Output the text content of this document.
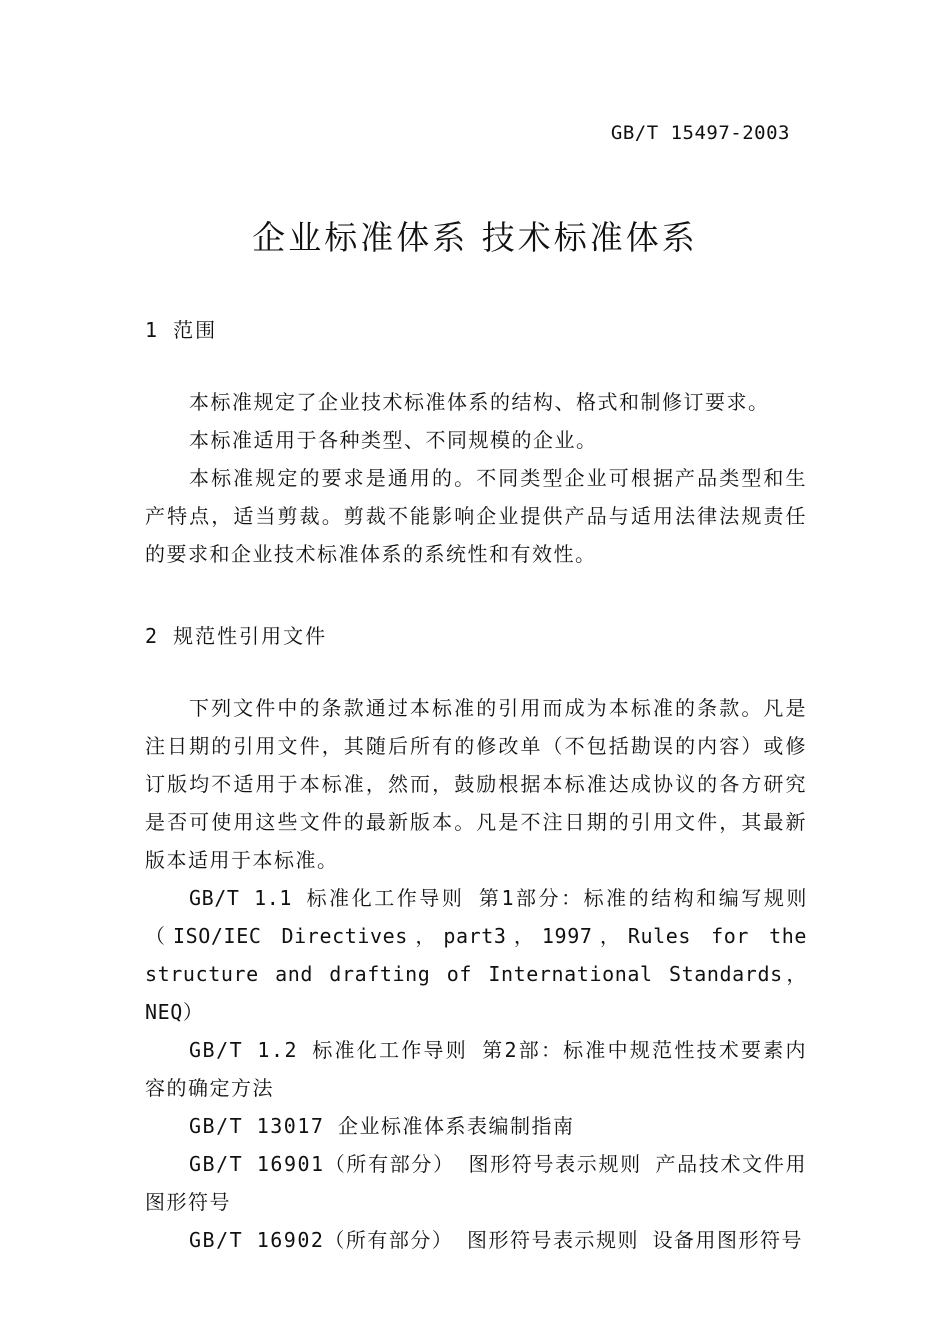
GB/T 15497-2003
企业标准体系 技术标准体系
1 范围

本标准规定了企业技术标准体系的结构、格式和制修订要求。

本标准适用于各种类型、不同规模的企业。

本标准规定的要求是通用的。不同类型企业可根据产品类型和生产特点，适当剪裁。剪裁不能影响企业提供产品与适用法律法规责任的要求和企业技术标准体系的系统性和有效性。

2 规范性引用文件

下列文件中的条款通过本标准的引用而成为本标准的条款。凡是注日期的引用文件，其随后所有的修改单（不包括勘误的内容）或修订版均不适用于本标准，然而，鼓励根据本标准达成协议的各方研究是否可使用这些文件的最新版本。凡是不注日期的引用文件，其最新版本适用于本标准。

GB/T 1.1 标准化工作导则 第1部分：标准的结构和编写规则（ISO/IEC Directives，part3，1997，Rules for the structure and drafting of International Standards，NEQ）

GB/T 1.2 标准化工作导则 第2部：标准中规范性技术要素内容的确定方法

GB/T 13017 企业标准体系表编制指南

GB/T 16901（所有部分） 图形符号表示规则 产品技术文件用图形符号

GB/T 16902（所有部分） 图形符号表示规则 设备用图形符号
